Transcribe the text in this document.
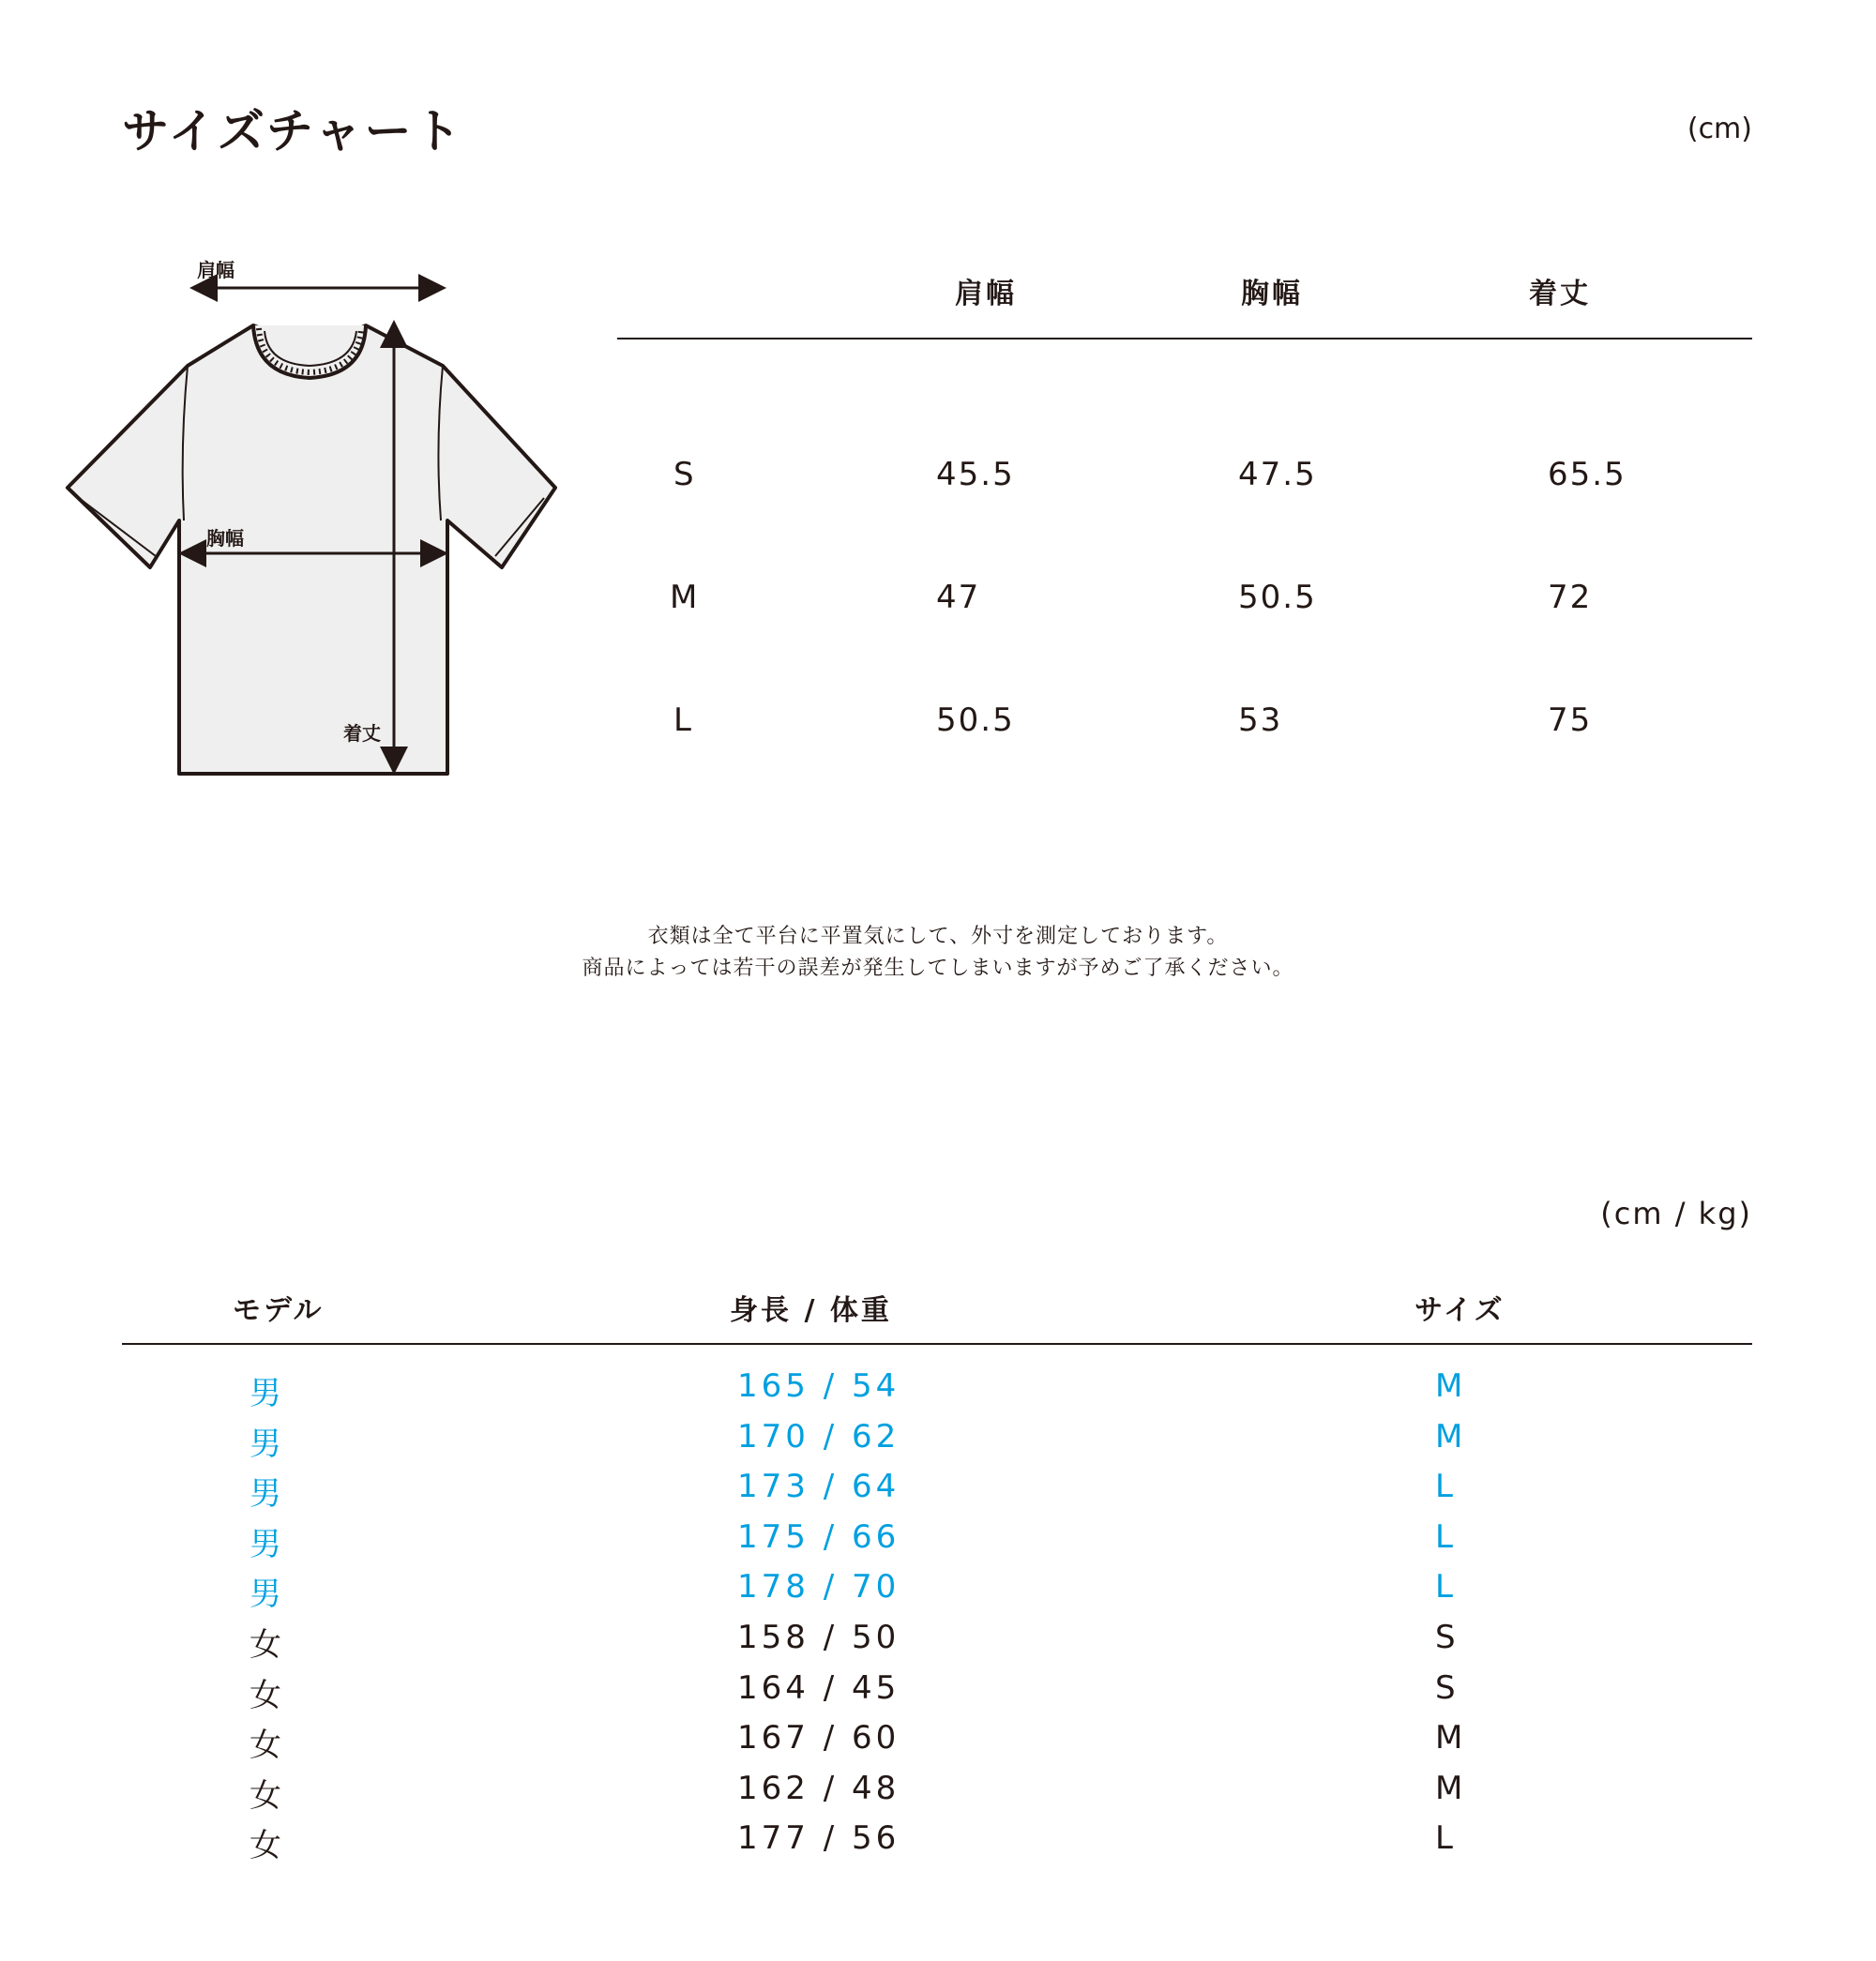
サイズチャート	(cm)
肩幅
胸幅
着丈
肩幅	胸幅	着丈
S	45.5	47.5	65.5
M	47	50.5	72
L	50.5	53	75
衣類は全て平台に平置気にして、外寸を測定しております。
商品によっては若干の誤差が発生してしまいますが予めご了承ください。
(cm / kg)
モデル	身長 / 体重	サイズ
男	165 / 54	M
男	170 / 62	M
男	173 / 64	L
男	175 / 66	L
男	178 / 70	L
女	158 / 50	S
女	164 / 45	S
女	167 / 60	M
女	162 / 48	M
女	177 / 56	L
